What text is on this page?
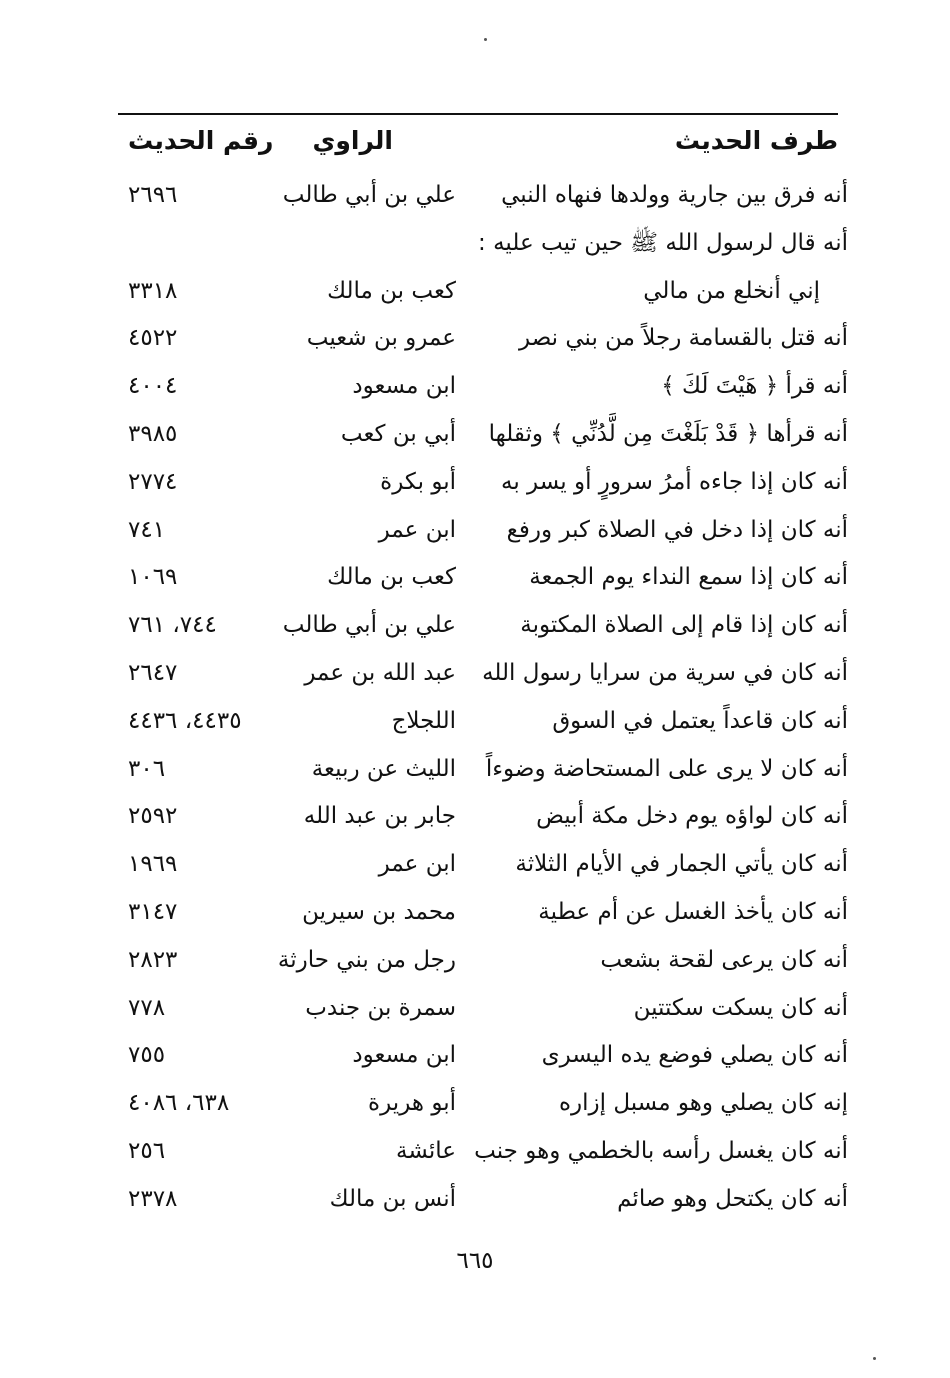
طرف الحديث
الراوي
رقم الحديث
أنه فرق بين جارية وولدها فنهاه النبي
علي بن أبي طالب
٢٦٩٦
أنه قال لرسول الله ﷺ حين تيب عليه :
إني أنخلع من مالي
كعب بن مالك
٣٣١٨
أنه قتل بالقسامة رجلاً من بني نصر
عمرو بن شعيب
٤٥٢٢
أنه قرأ ﴿ هَيْتَ لَكَ ﴾
ابن مسعود
٤٠٠٤
أنه قرأها ﴿ قَدْ بَلَغْتَ مِن لَّدُنِّي ﴾ وثقلها
أبي بن كعب
٣٩٨٥
أنه كان إذا جاءه أمرُ سرورٍ أو يسر به
أبو بكرة
٢٧٧٤
أنه كان إذا دخل في الصلاة كبر ورفع
ابن عمر
٧٤١
أنه كان إذا سمع النداء يوم الجمعة
كعب بن مالك
١٠٦٩
أنه كان إذا قام إلى الصلاة المكتوبة
علي بن أبي طالب
٧٤٤، ٧٦١
أنه كان في سرية من سرايا رسول الله
عبد الله بن عمر
٢٦٤٧
أنه كان قاعداً يعتمل في السوق
اللجلاج
٤٤٣٥، ٤٤٣٦
أنه كان لا يرى على المستحاضة وضوءاً
الليث عن ربيعة
٣٠٦
أنه كان لواؤه يوم دخل مكة أبيض
جابر بن عبد الله
٢٥٩٢
أنه كان يأتي الجمار في الأيام الثلاثة
ابن عمر
١٩٦٩
أنه كان يأخذ الغسل عن أم عطية
محمد بن سيرين
٣١٤٧
أنه كان يرعى لقحة بشعب
رجل من بني حارثة
٢٨٢٣
أنه كان يسكت سكتتين
سمرة بن جندب
٧٧٨
أنه كان يصلي فوضع يده اليسرى
ابن مسعود
٧٥٥
إنه كان يصلي وهو مسبل إزاره
أبو هريرة
٦٣٨، ٤٠٨٦
أنه كان يغسل رأسه بالخطمي وهو جنب
عائشة
٢٥٦
أنه كان يكتحل وهو صائم
أنس بن مالك
٢٣٧٨
٦٦٥
